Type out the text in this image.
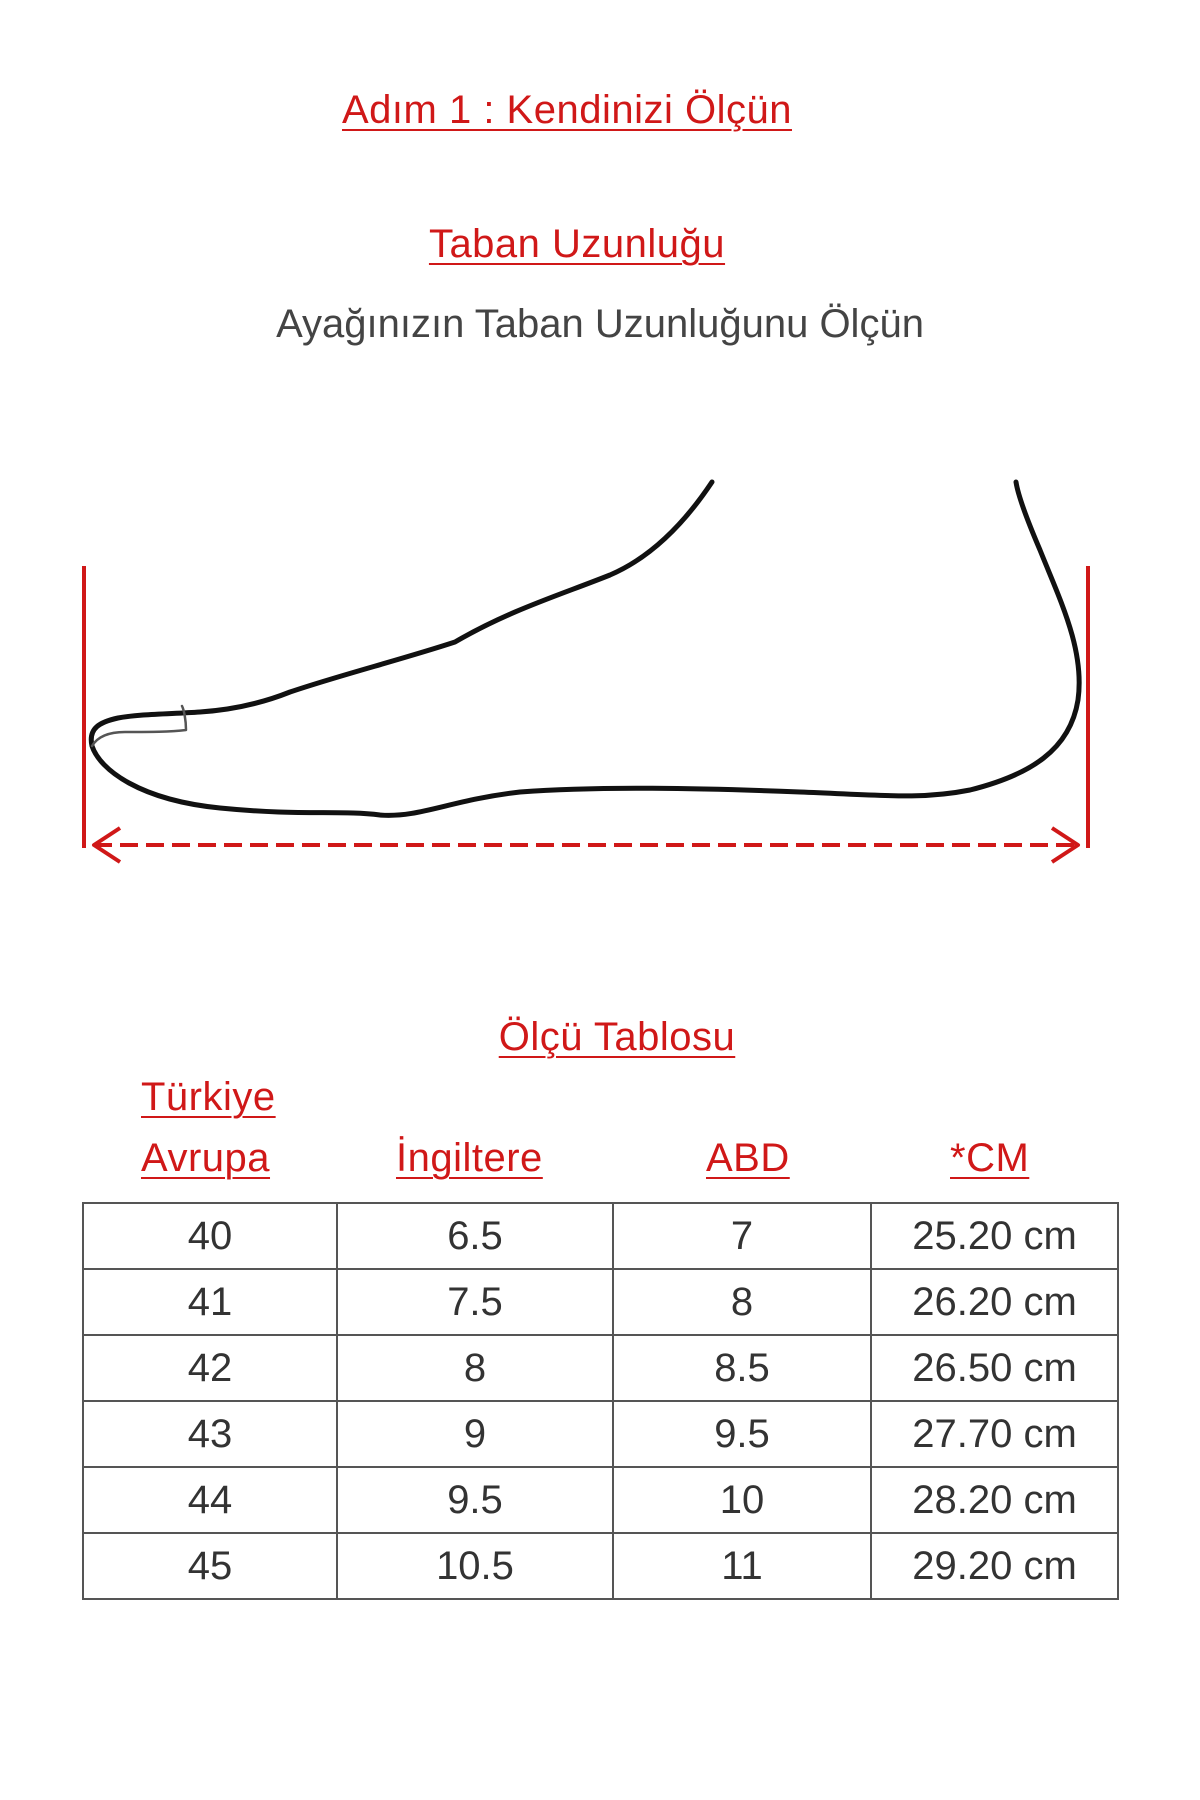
Adım 1 : Kendinizi Ölçün
Taban Uzunluğu
Ayağınızın Taban Uzunluğunu Ölçün
Ölçü Tablosu
Türkiye
Avrupa	İngiltere	ABD	*CM
40	6.5	7	25.20 cm
41	7.5	8	26.20 cm
42	8	8.5	26.50 cm
43	9	9.5	27.70 cm
44	9.5	10	28.20 cm
45	10.5	11	29.20 cm
